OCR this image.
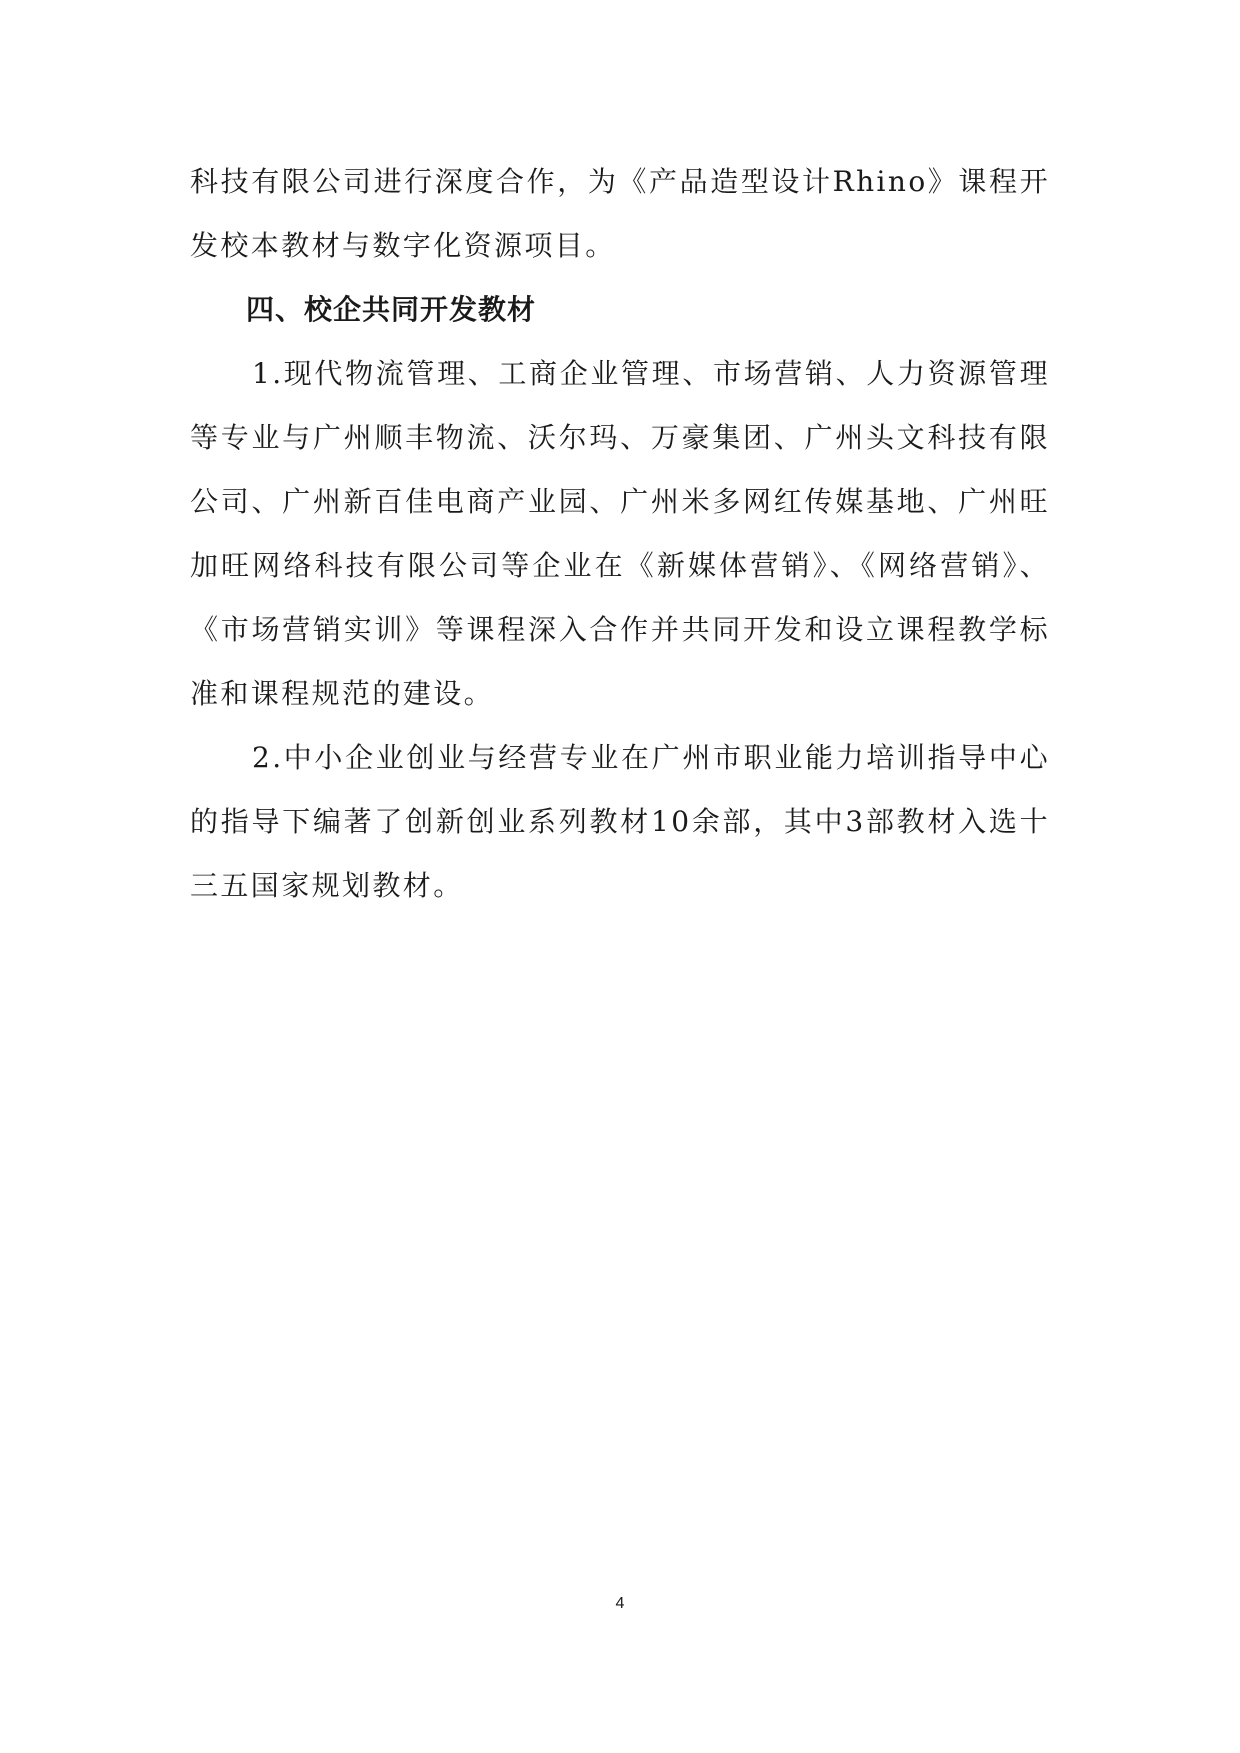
科技有限公司进行深度合作，为《产品造型设计Rhino》课程开发校本教材与数字化资源项目。

四、校企共同开发教材

1.现代物流管理、工商企业管理、市场营销、人力资源管理等专业与广州顺丰物流、沃尔玛、万豪集团、广州头文科技有限公司、广州新百佳电商产业园、广州米多网红传媒基地、广州旺加旺网络科技有限公司等企业在《新媒体营销》、《网络营销》、《市场营销实训》等课程深入合作并共同开发和设立课程教学标准和课程规范的建设。

2.中小企业创业与经营专业在广州市职业能力培训指导中心的指导下编著了创新创业系列教材10余部，其中3部教材入选十三五国家规划教材。

4
